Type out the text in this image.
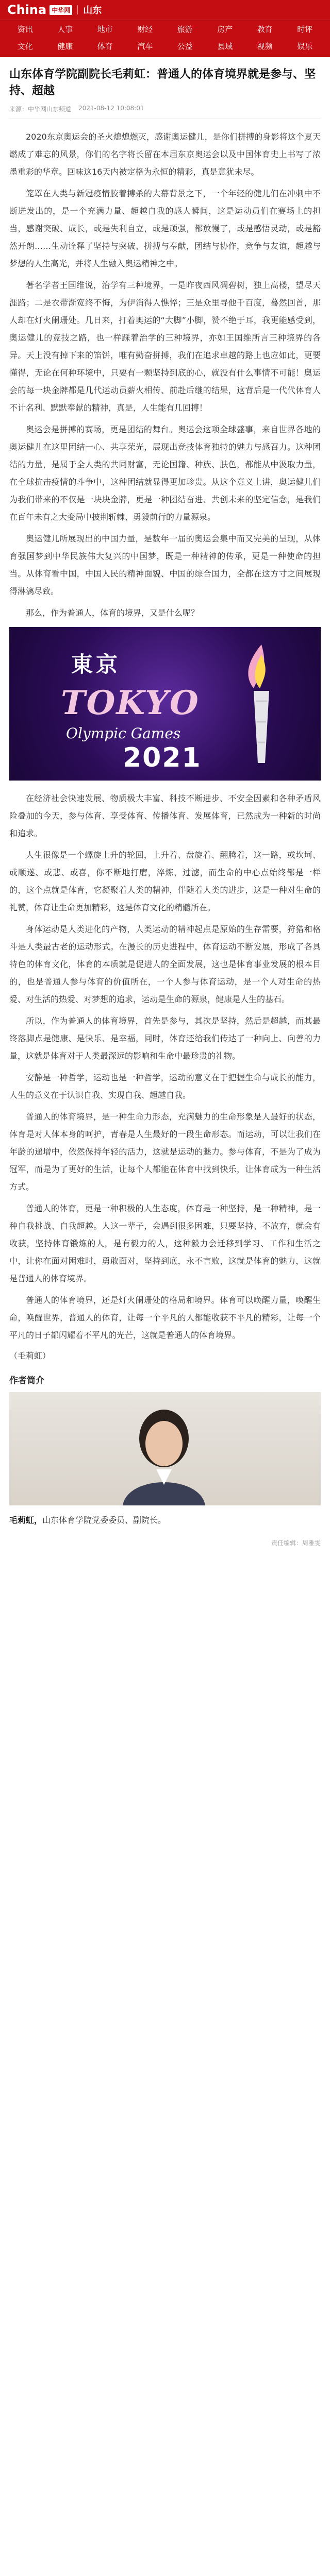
China 中华网 山东
资讯	人事	地市	财经	旅游	房产	教育	时评
文化	健康	体育	汽车	公益	县域	视频	娱乐
山东体育学院副院长毛莉虹：普通人的体育境界就是参与、坚持、超越
来源：中华网山东频道 2021-08-12 10:08:01

2020东京奥运会的圣火熄熄燃灭，感谢奥运健儿，是你们拼搏的身影将这个夏天燃成了难忘的风景，你们的名字将长留在本届东京奥运会以及中国体育史上书写了浓墨重彩的华章。回味这16天内被定格为永恒的精彩，真是意犹未尽。

笼罩在人类与新冠疫情胶着搏杀的大幕背景之下，一个年轻的健儿们在冲刺中不断迸发出的，是一个充满力量、超越自我的感人瞬间，这是运动员们在赛场上的担当，感谢突破、成长，或是失利自立，或是顽强，都放慢了，或是感悟灵动，或是豁然开朗……生动诠释了坚持与突破、拼搏与奉献，团结与协作，竞争与友谊，超越与梦想的人生高光，并将人生融入奥运精神之中。

著名学者王国维说，治学有三种境界，一是昨夜西风凋碧树，独上高楼，望尽天涯路；二是衣带渐宽终不悔，为伊消得人憔悴；三是众里寻他千百度，蓦然回首，那人却在灯火阑珊处。几日来，打着奥运的“大脚”小脚，赞不绝于耳，我更能感受到，奥运健儿的竞技之路，也一样踩着治学的三种境界，亦如王国维所言三种境界的各异。天上没有掉下来的馅饼，唯有勤奋拼搏，我们在追求卓越的路上也应如此，更要懂得，无论在何种环境中，只要有一颗坚持到底的心，就没有什么事情不可能！奥运会的每一块金牌都是几代运动员薪火相传、前赴后继的结果，这背后是一代代体育人不计名利、默默奉献的精神，真是，人生能有几回搏！

奥运会是拼搏的赛场，更是团结的舞台。奥运会这项全球盛事，来自世界各地的奥运健儿在这里团结一心、共享荣光，展现出竞技体育独特的魅力与感召力。这种团结的力量，是属于全人类的共同财富，无论国籍、种族、肤色，都能从中汲取力量，在全球抗击疫情的斗争中，这种团结就显得更加珍贵。从这个意义上讲，奥运健儿们为我们带来的不仅是一块块金牌，更是一种团结奋进、共创未来的坚定信念，是我们在百年未有之大变局中披荆斩棘、勇毅前行的力量源泉。

奥运健儿所展现出的中国力量，是数年一届的奥运会集中而又完美的呈现，从体育强国梦到中华民族伟大复兴的中国梦，既是一种精神的传承，更是一种使命的担当。从体育看中国，中国人民的精神面貌、中国的综合国力，全都在这方寸之间展现得淋漓尽致。

那么，作为普通人，体育的境界，又是什么呢？

東京
TOKYO
Olympic Games
2021

在经济社会快速发展、物质极大丰富、科技不断进步、不安全因素和各种矛盾风险叠加的今天，参与体育、享受体育、传播体育、发展体育，已然成为一种新的时尚和追求。

人生很像是一个螺旋上升的轮回，上升着、盘旋着、翻腾着，这一路，或坎坷、或顺遂、或悲、或喜，你不断地打磨，淬炼，过滤，而生命的中心点始终都是一样的，这个点就是体育，它凝聚着人类的精神，伴随着人类的进步，这是一种对生命的礼赞，体育让生命更加精彩，这是体育文化的精髓所在。

身体运动是人类进化的产物，人类运动的精神起点是原始的生存需要，狩猎和格斗是人类最古老的运动形式。在漫长的历史进程中，体育运动不断发展，形成了各具特色的体育文化，体育的本质就是促进人的全面发展，这也是体育事业发展的根本目的，也是普通人参与体育的价值所在，一个人参与体育运动，是一个人对生命的热爱、对生活的热爱、对梦想的追求，运动是生命的源泉，健康是人生的基石。

所以，作为普通人的体育境界，首先是参与，其次是坚持，然后是超越，而其最终落脚点是健康、是快乐、是幸福，同时，体育还给我们传达了一种向上、向善的力量，这就是体育对于人类最深远的影响和生命中最珍贵的礼物。

安静是一种哲学，运动也是一种哲学，运动的意义在于把握生命与成长的能力，人生的意义在于认识自我、实现自我、超越自我。

普通人的体育境界，是一种生命力形态，充满魅力的生命形象是人最好的状态，体育是对人体本身的呵护，青春是人生最好的一段生命形态。而运动，可以让我们在年龄的递增中，依然保持年轻的活力，这就是运动的魅力。参与体育，不是为了成为冠军，而是为了更好的生活，让每个人都能在体育中找到快乐，让体育成为一种生活方式。

普通人的体育，更是一种积极的人生态度，体育是一种坚持，是一种精神，是一种自我挑战、自我超越。人这一辈子，会遇到很多困难，只要坚持、不放弃，就会有收获，坚持体育锻炼的人，是有毅力的人，这种毅力会迁移到学习、工作和生活之中，让你在面对困难时，勇敢面对，坚持到底，永不言败，这就是体育的魅力，这就是普通人的体育境界。

普通人的体育境界，还是灯火阑珊处的格局和境界。体育可以唤醒力量，唤醒生命，唤醒世界，普通人的体育，让每一个平凡的人都能收获不平凡的精彩，让每一个平凡的日子都闪耀着不平凡的光芒，这就是普通人的体育境界。

（毛莉虹）
作者简介

毛莉虹，山东体育学院党委委员、副院长。

责任编辑：周雅雯
